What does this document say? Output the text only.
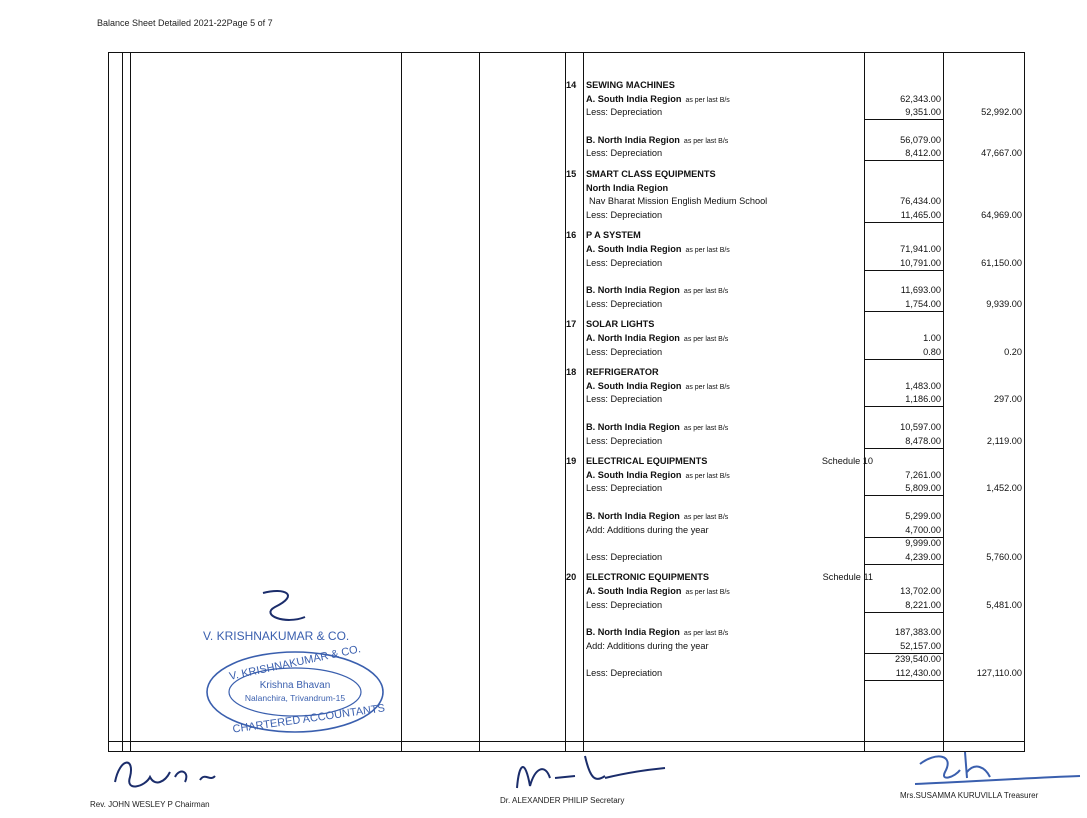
Balance Sheet Detailed 2021-22Page 5 of 7
14 SEWING MACHINES
A. South India Region as per last B/s	62,343.00
Less: Depreciation	9,351.00	52,992.00
B. North India Region as per last B/s	56,079.00
Less: Depreciation	8,412.00	47,667.00
15 SMART CLASS EQUIPMENTS
North India Region
Nav Bharat Mission English Medium School	76,434.00
Less: Depreciation	11,465.00	64,969.00
16 P A SYSTEM
A. South India Region as per last B/s	71,941.00
Less: Depreciation	10,791.00	61,150.00
B. North India Region as per last B/s	11,693.00
Less: Depreciation	1,754.00	9,939.00
17 SOLAR LIGHTS
A. North India Region as per last B/s	1.00
Less: Depreciation	0.80	0.20
18 REFRIGERATOR
A. South India Region as per last B/s	1,483.00
Less: Depreciation	1,186.00	297.00
B. North India Region as per last B/s	10,597.00
Less: Depreciation	8,478.00	2,119.00
19 ELECTRICAL EQUIPMENTS	Schedule 10
A. South India Region as per last B/s	7,261.00
Less: Depreciation	5,809.00	1,452.00
B. North India Region as per last B/s	5,299.00
Add: Additions during the year	4,700.00
9,999.00
Less: Depreciation	4,239.00	5,760.00
20 ELECTRONIC EQUIPMENTS	Schedule 11
A. South India Region as per last B/s	13,702.00
Less: Depreciation	8,221.00	5,481.00
B. North India Region as per last B/s	187,383.00
Add: Additions during the year	52,157.00
239,540.00
Less: Depreciation	112,430.00	127,110.00
V. KRISHNAKUMAR & CO.
Krishna Bhavan
Nalanchira, Trivandrum-15
V. KRISHNAKUMAR & CO.
CHARTERED ACCOUNTANTS
Rev. JOHN WESLEY P Chairman	Dr. ALEXANDER PHILIP Secretary
Mrs.SUSAMMA KURUVILLA Treasurer
